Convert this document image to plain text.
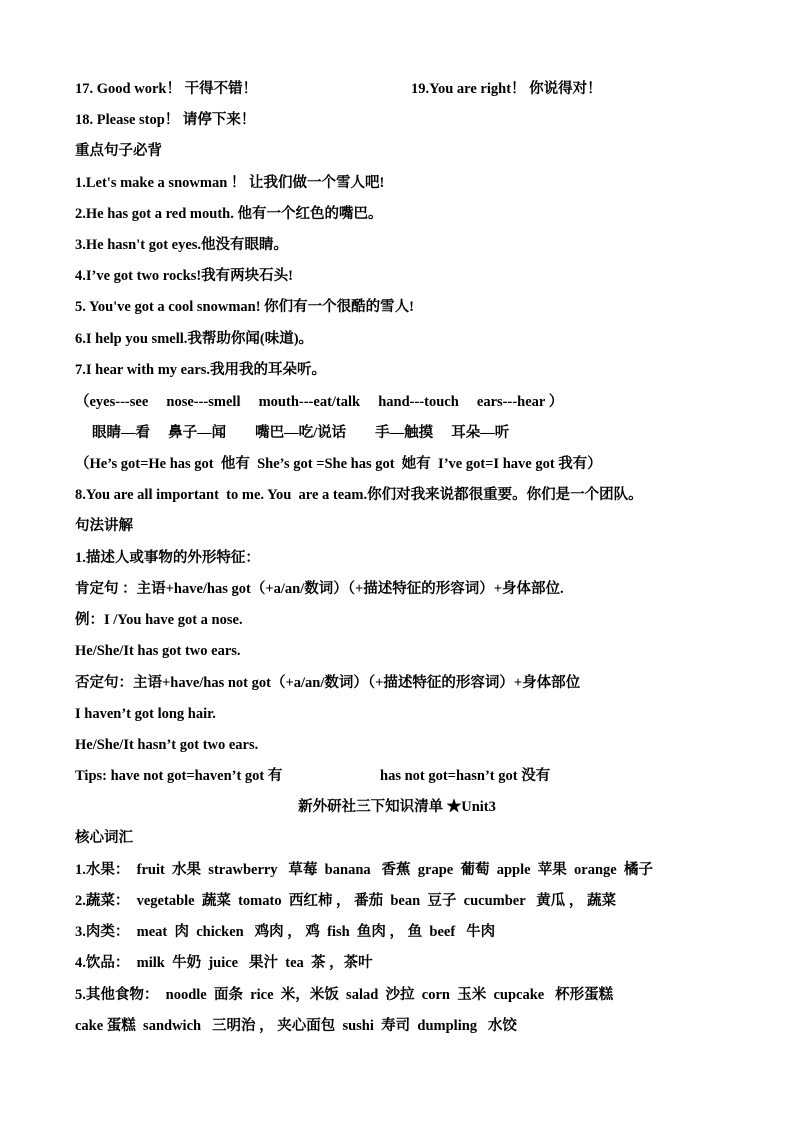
17. Good work！ 干得不错！	19.You are right！ 你说得对！
18. Please stop！ 请停下来！
重点句子必背
1.Let's make a snowman ！ 让我们做一个雪人吧!
2.He has got a red mouth. 他有一个红色的嘴巴。
3.He hasn't got eyes.他没有眼睛。
4.I’ve got two rocks!我有两块石头!
5. You've got a cool snowman! 你们有一个很酷的雪人!
6.I help you smell.我帮助你闻(味道)。
7.I hear with my ears.我用我的耳朵听。
（eyes---see     nose---smell     mouth---eat/talk     hand---touch     ears---hear ）
眼睛—看     鼻子—闻        嘴巴—吃/说话        手—触摸     耳朵—听
（He’s got=He has got  他有  She’s got =She has got  她有  I’ve got=I have got 我有）
8.You are all important  to me. You  are a team.你们对我来说都很重要。你们是一个团队。
句法讲解
1.描述人或事物的外形特征：
肯定句 ：主语+have/has got（+a/an/数词）（+描述特征的形容词）+身体部位.
例：I /You have got a nose.
He/She/It has got two ears.
否定句：主语+have/has not got（+a/an/数词）（+描述特征的形容词）+身体部位
I haven’t got long hair.
He/She/It hasn’t got two ears.
Tips: have not got=haven’t got 有	has not got=hasn’t got 没有
新外研社三下知识清单 ★Unit3
核心词汇
1.水果：  fruit  水果  strawberry   草莓  banana   香蕉  grape  葡萄  apple  苹果  orange  橘子
2.蔬菜：  vegetable  蔬菜  tomato  西红柿 ， 番茄  bean  豆子  cucumber   黄瓜 ， 蔬菜
3.肉类：  meat  肉  chicken   鸡肉 ， 鸡  fish  鱼肉 ， 鱼  beef   牛肉
4.饮品：  milk  牛奶  juice   果汁  tea  茶 ，茶叶
5.其他食物：  noodle  面条  rice  米，米饭  salad  沙拉  corn  玉米  cupcake   杯形蛋糕
cake 蛋糕  sandwich   三明治 ， 夹心面包  sushi  寿司  dumpling   水饺
